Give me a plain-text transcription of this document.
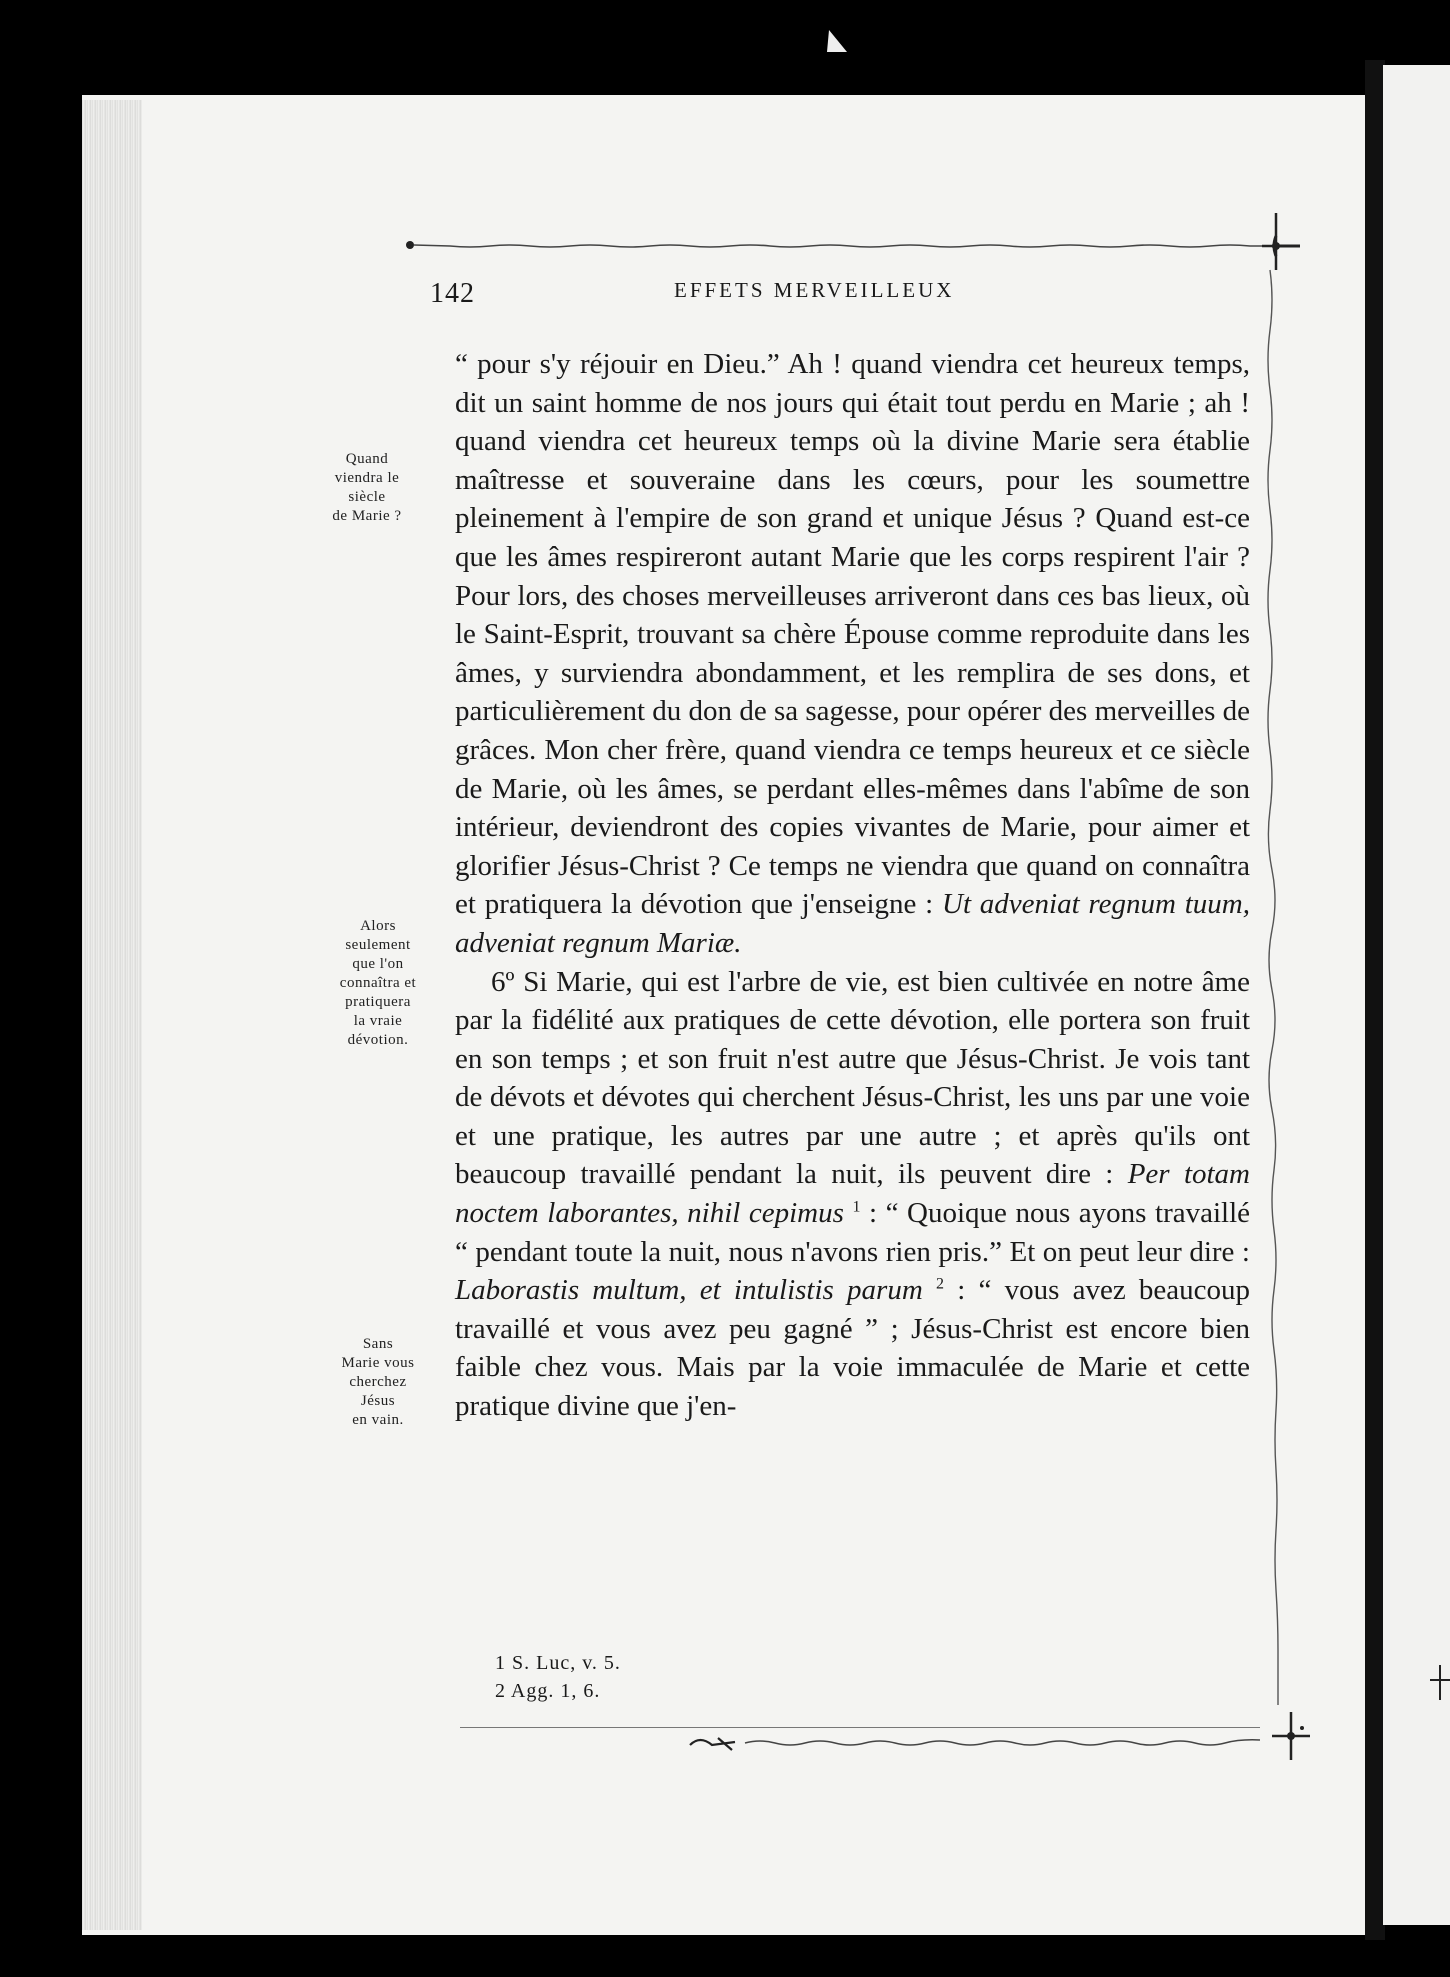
142	EFFETS MERVEILLEUX
Quand
viendra le
siècle
de Marie ?
Alors
seulement
que l'on
connaîtra et
pratiquera
la vraie
dévotion.
Sans
Marie vous
cherchez
Jésus
en vain.

“ pour s'y réjouir en Dieu.” Ah ! quand viendra cet heureux temps, dit un saint homme de nos jours qui était tout perdu en Marie ; ah ! quand viendra cet heureux temps où la divine Marie sera établie maîtresse et souveraine dans les cœurs, pour les soumettre pleinement à l'empire de son grand et unique Jésus ? Quand est-ce que les âmes respireront autant Marie que les corps respirent l'air ? Pour lors, des choses merveilleuses arriveront dans ces bas lieux, où le Saint-Esprit, trouvant sa chère Épouse comme reproduite dans les âmes, y surviendra abondamment, et les remplira de ses dons, et particulièrement du don de sa sagesse, pour opérer des merveilles de grâces. Mon cher frère, quand viendra ce temps heureux et ce siècle de Marie, où les âmes, se perdant elles-mêmes dans l'abîme de son intérieur, deviendront des copies vivantes de Marie, pour aimer et glorifier Jésus-Christ ? Ce temps ne viendra que quand on connaîtra et pratiquera la dévotion que j'enseigne : Ut adveniat regnum tuum, adveniat regnum Mariæ.

6º Si Marie, qui est l'arbre de vie, est bien cultivée en notre âme par la fidélité aux pratiques de cette dévotion, elle portera son fruit en son temps ; et son fruit n'est autre que Jésus-Christ. Je vois tant de dévots et dévotes qui cherchent Jésus-Christ, les uns par une voie et une pratique, les autres par une autre ; et après qu'ils ont beaucoup travaillé pendant la nuit, ils peuvent dire : Per totam noctem laborantes, nihil cepimus $^1$ : “ Quoique nous ayons travaillé “ pendant toute la nuit, nous n'avons rien pris.” Et on peut leur dire : Laborastis multum, et intulistis parum $^2$ : “ vous avez beaucoup travaillé et vous avez peu gagné ” ; Jésus-Christ est encore bien faible chez vous. Mais par la voie immaculée de Marie et cette pratique divine que j'en-

1 S. Luc, v. 5.
2 Agg. 1, 6.
